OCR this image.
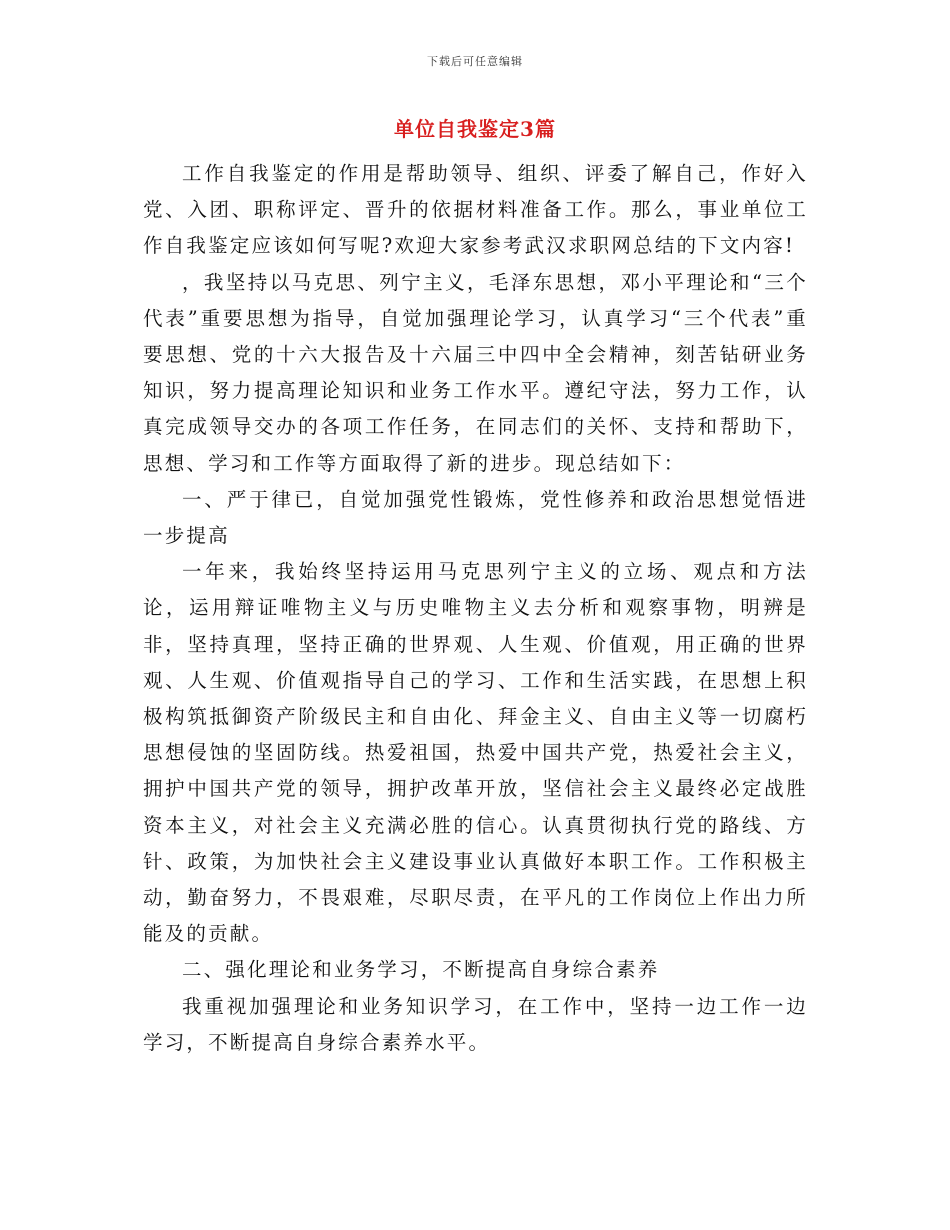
下载后可任意编辑
单位自我鉴定3篇

工作自我鉴定的作用是帮助领导、组织、评委了解自己，作好入党、入团、职称评定、晋升的依据材料准备工作。那么，事业单位工作自我鉴定应该如何写呢?欢迎大家参考武汉求职网总结的下文内容!

，我坚持以马克思、列宁主义，毛泽东思想，邓小平理论和“三个代表”重要思想为指导，自觉加强理论学习，认真学习“三个代表”重要思想、党的十六大报告及十六届三中四中全会精神，刻苦钻研业务知识，努力提高理论知识和业务工作水平。遵纪守法，努力工作，认真完成领导交办的各项工作任务，在同志们的关怀、支持和帮助下，思想、学习和工作等方面取得了新的进步。现总结如下：

一、严于律已，自觉加强党性锻炼，党性修养和政治思想觉悟进一步提高

一年来，我始终坚持运用马克思列宁主义的立场、观点和方法论，运用辩证唯物主义与历史唯物主义去分析和观察事物，明辨是非，坚持真理，坚持正确的世界观、人生观、价值观，用正确的世界观、人生观、价值观指导自己的学习、工作和生活实践，在思想上积极构筑抵御资产阶级民主和自由化、拜金主义、自由主义等一切腐朽思想侵蚀的坚固防线。热爱祖国，热爱中国共产党，热爱社会主义，拥护中国共产党的领导，拥护改革开放，坚信社会主义最终必定战胜资本主义，对社会主义充满必胜的信心。认真贯彻执行党的路线、方针、政策，为加快社会主义建设事业认真做好本职工作。工作积极主动，勤奋努力，不畏艰难，尽职尽责，在平凡的工作岗位上作出力所能及的贡献。

二、强化理论和业务学习，不断提高自身综合素养

我重视加强理论和业务知识学习，在工作中，坚持一边工作一边学习，不断提高自身综合素养水平。
